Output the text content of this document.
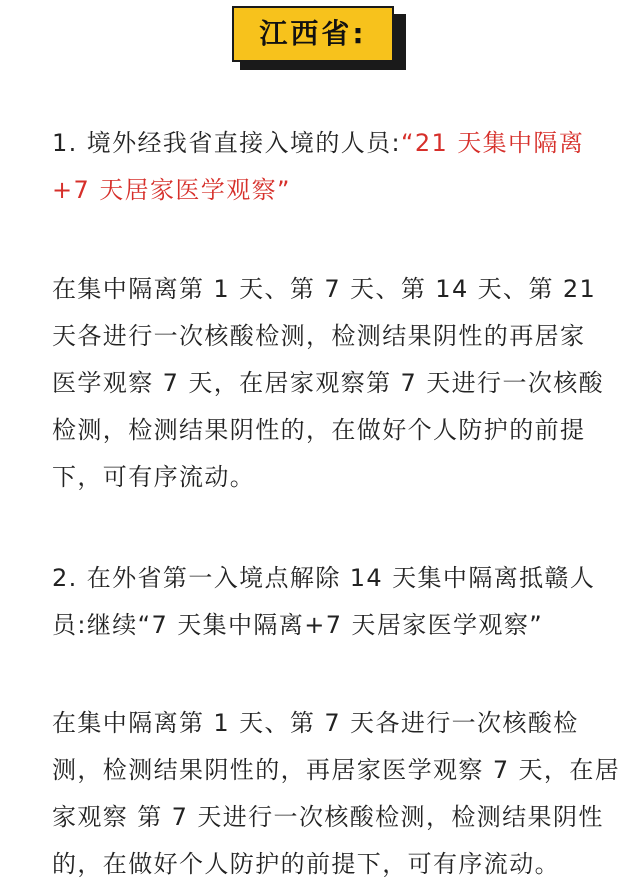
江西省:

1. 境外经我省直接入境的人员:“21 天集中隔离
+7 天居家医学观察”

在集中隔离第 1 天、第 7 天、第 14 天、第 21
天各进行一次核酸检测，检测结果阴性的再居家
医学观察 7 天，在居家观察第 7 天进行一次核酸
检测，检测结果阴性的，在做好个人防护的前提
下，可有序流动。

2. 在外省第一入境点解除 14 天集中隔离抵赣人
员:继续“7 天集中隔离+7 天居家医学观察”

在集中隔离第 1 天、第 7 天各进行一次核酸检
测，检测结果阴性的，再居家医学观察 7 天，在居
家观察 第 7 天进行一次核酸检测，检测结果阴性
的，在做好个人防护的前提下，可有序流动。
